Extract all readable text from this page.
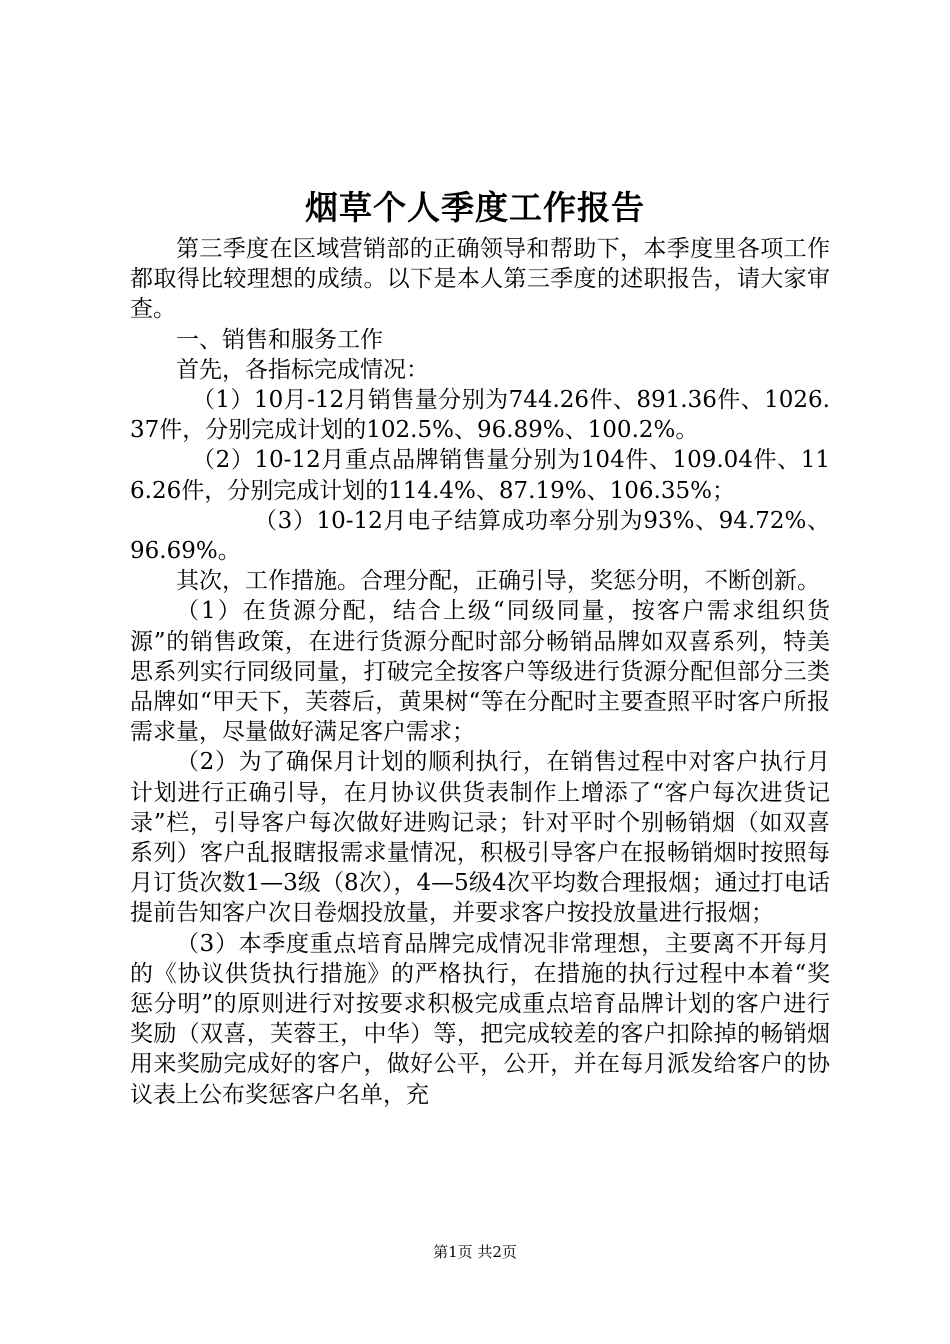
烟草个人季度工作报告

第三季度在区域营销部的正确领导和帮助下，本季度里各项工作都取得比较理想的成绩。以下是本人第三季度的述职报告，请大家审查。

一、销售和服务工作

首先，各指标完成情况：

（1）10月-12月销售量分别为744.26件、891.36件、1026.37件，分别完成计划的102.5%、96.89%、100.2%。

（2）10-12月重点品牌销售量分别为104件、109.04件、116.26件，分别完成计划的114.4%、87.19%、106.35%；

（3）10-12月电子结算成功率分别为93%、94.72%、96.69%。

其次，工作措施。合理分配，正确引导，奖惩分明，不断创新。

（1）在货源分配，结合上级“同级同量，按客户需求组织货源”的销售政策，在进行货源分配时部分畅销品牌如双喜系列，特美思系列实行同级同量，打破完全按客户等级进行货源分配但部分三类品牌如“甲天下，芙蓉后，黄果树“等在分配时主要查照平时客户所报需求量，尽量做好满足客户需求；

（2）为了确保月计划的顺利执行，在销售过程中对客户执行月计划进行正确引导，在月协议供货表制作上增添了“客户每次进货记录”栏，引导客户每次做好进购记录；针对平时个别畅销烟（如双喜系列）客户乱报瞎报需求量情况，积极引导客户在报畅销烟时按照每月订货次数1—3级（8次），4—5级4次平均数合理报烟；通过打电话提前告知客户次日卷烟投放量，并要求客户按投放量进行报烟；

（3）本季度重点培育品牌完成情况非常理想，主要离不开每月的《协议供货执行措施》的严格执行，在措施的执行过程中本着“奖惩分明”的原则进行对按要求积极完成重点培育品牌计划的客户进行奖励（双喜，芙蓉王，中华）等，把完成较差的客户扣除掉的畅销烟用来奖励完成好的客户，做好公平，公开，并在每月派发给客户的协议表上公布奖惩客户名单，充

第1页 共2页
